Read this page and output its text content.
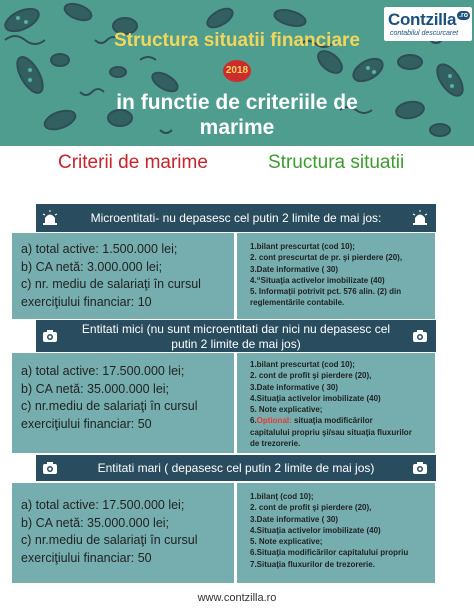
Contzilla .ro
contabilul descurcaret
Structura situatii financiare
2018
in functie de criteriile de
marime
Criterii de marime	Structura situatii
Microentitati- nu depasesc cel putin 2 limite de mai jos:
a) total active: 1.500.000 lei;
b) CA netă: 3.000.000 lei;
c) nr. mediu de salariaţi în cursul
exerciţiului financiar: 10
1.bilant prescurtat (cod 10);
2. cont prescurtat de pr. şi pierdere (20),
3.Date informative ( 30)
4.“Situaţia activelor imobilizate (40)
5. Informaţii potrivit pct. 576 alin. (2) din
reglementările contabile.
Entitati mici (nu sunt microentitati dar nici nu depasesc cel
putin 2 limite de mai jos)
a) total active: 17.500.000 lei;
b) CA netă: 35.000.000 lei;
c) nr.mediu de salariaţi în cursul
exerciţiului financiar: 50
1.bilant prescurtat (cod 10);
2. cont de profit şi pierdere (20),
3.Date informative ( 30)
4.Situaţia activelor imobilizate (40)
5. Note explicative;
6.Optional: situaţia modificărilor
capitalului propriu şi/sau situaţia fluxurilor
de trezorerie.
Entitati mari ( depasesc cel putin 2 limite de mai jos)
a) total active: 17.500.000 lei;
b) CA netă: 35.000.000 lei;
c) nr.mediu de salariaţi în cursul
exerciţiului financiar: 50
1.bilanţ (cod 10);
2. cont de profit şi pierdere (20),
3.Date informative ( 30)
4.Situaţia activelor imobilizate (40)
5. Note explicative;
6.Situaţia modificărilor capitalului propriu
7.Situaţia fluxurilor de trezorerie.
www.contzilla.ro
